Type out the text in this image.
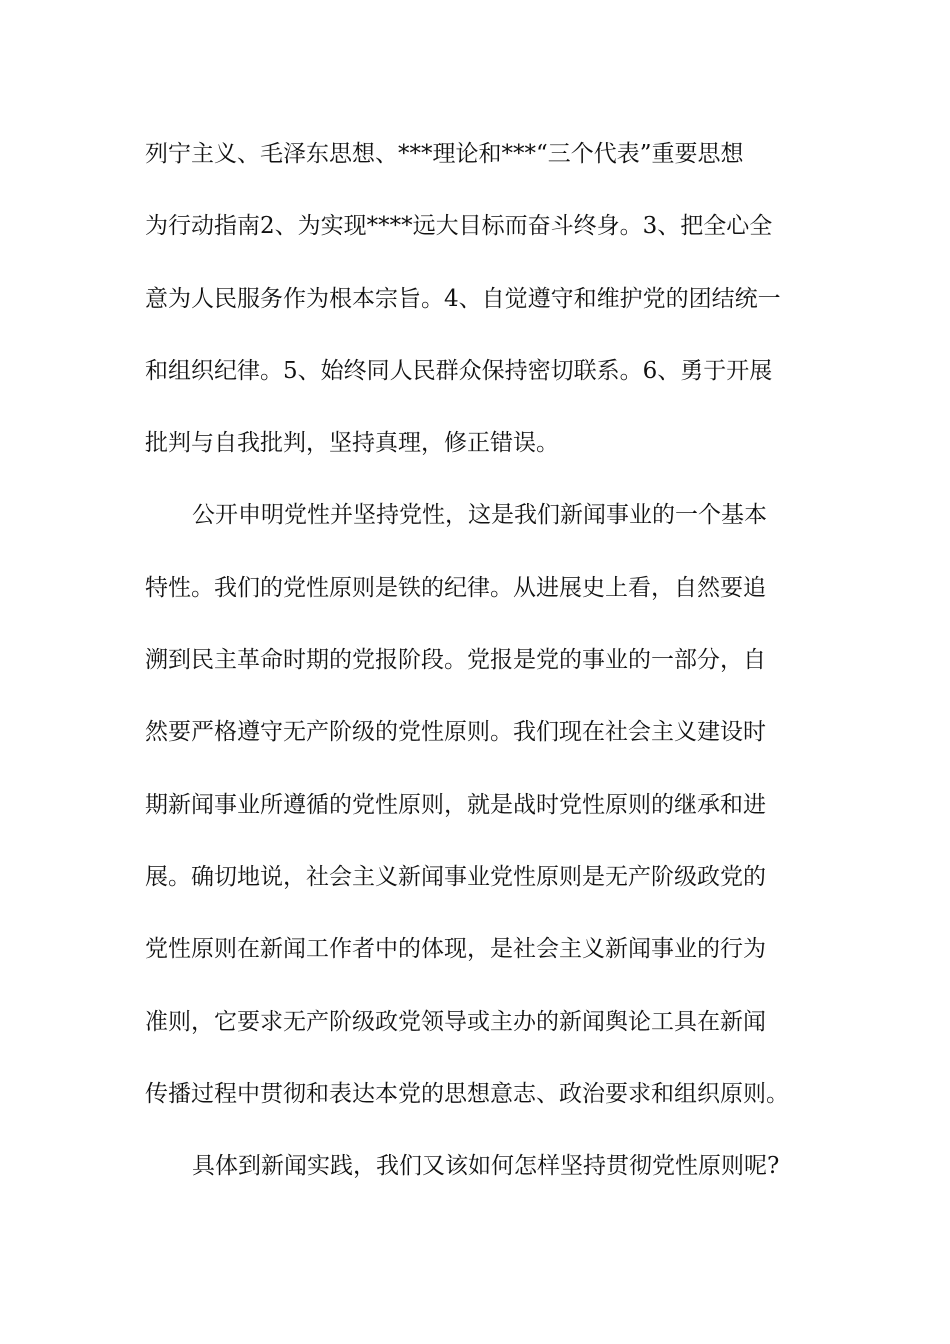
列宁主义、毛泽东思想、***理论和***“三个代表”重要思想
为行动指南2、为实现****远大目标而奋斗终身。3、把全心全
意为人民服务作为根本宗旨。4、自觉遵守和维护党的团结统一
和组织纪律。5、始终同人民群众保持密切联系。6、勇于开展
批判与自我批判，坚持真理，修正错误。
公开申明党性并坚持党性，这是我们新闻事业的一个基本
特性。我们的党性原则是铁的纪律。从进展史上看，自然要追
溯到民主革命时期的党报阶段。党报是党的事业的一部分，自
然要严格遵守无产阶级的党性原则。我们现在社会主义建设时
期新闻事业所遵循的党性原则，就是战时党性原则的继承和进
展。确切地说，社会主义新闻事业党性原则是无产阶级政党的
党性原则在新闻工作者中的体现，是社会主义新闻事业的行为
准则，它要求无产阶级政党领导或主办的新闻舆论工具在新闻
传播过程中贯彻和表达本党的思想意志、政治要求和组织原则。
具体到新闻实践，我们又该如何怎样坚持贯彻党性原则呢?
